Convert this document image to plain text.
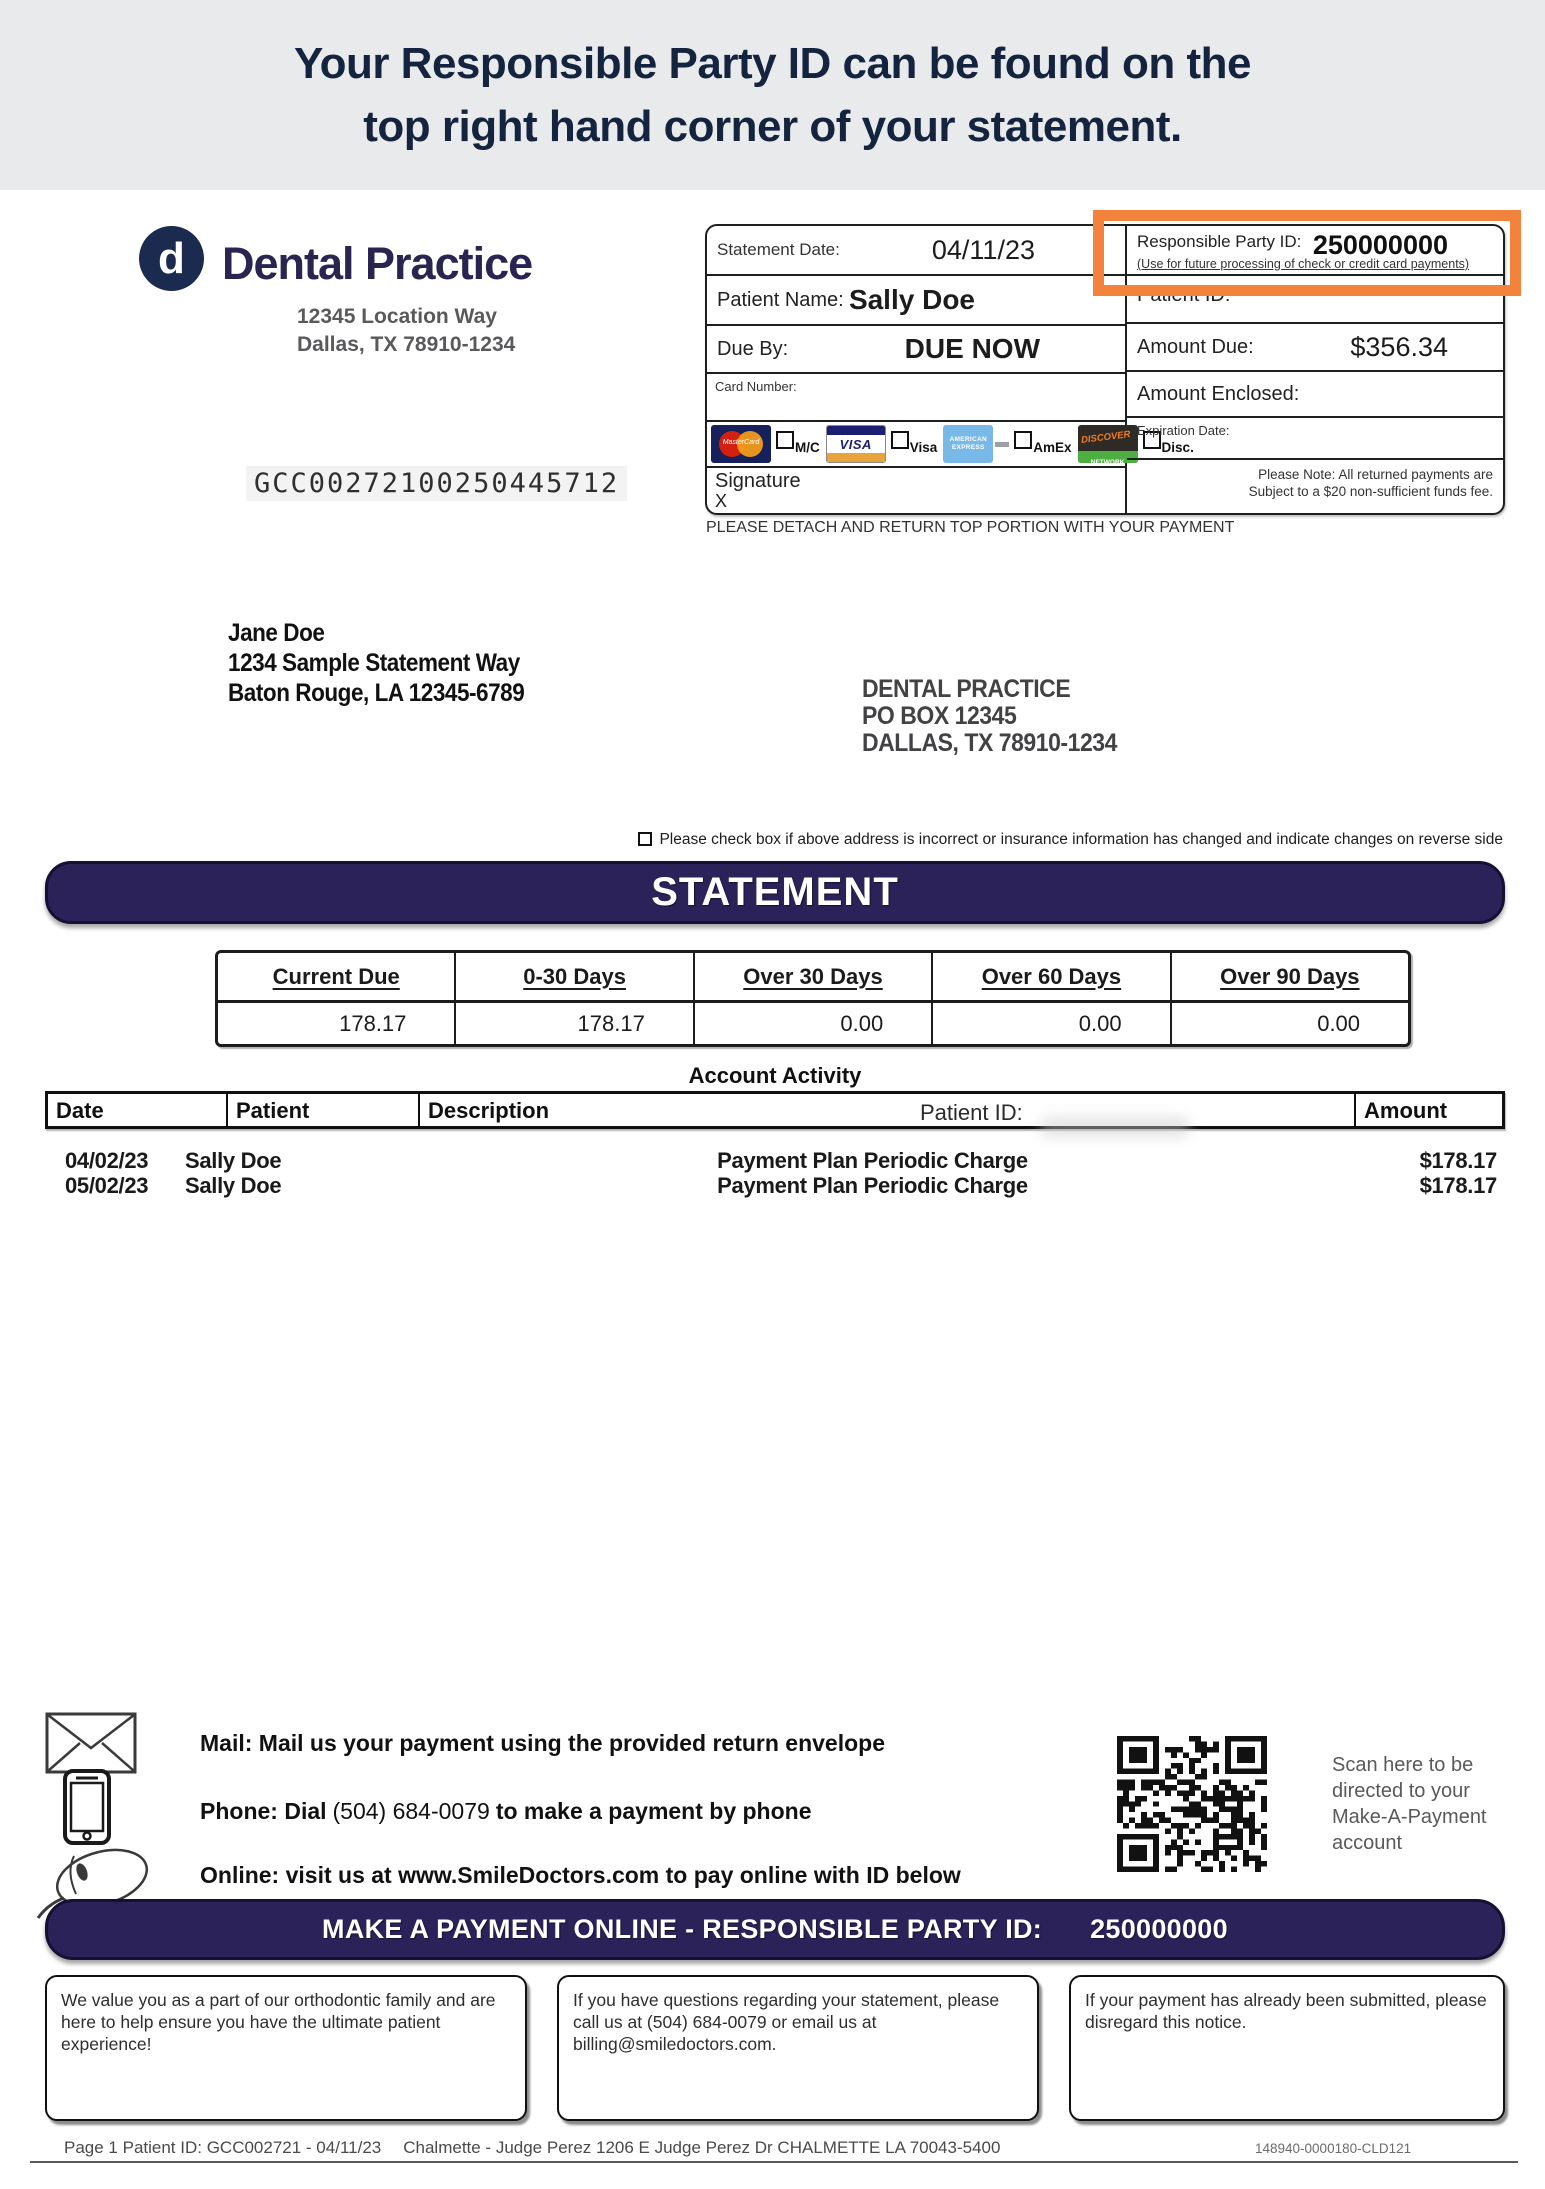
Your Responsible Party ID can be found on the
top right hand corner of your statement.
d Dental Practice
12345 Location Way
Dallas, TX 78910-1234
GCC00272100250445712
Statement Date:	04/11/23
Patient Name: Sally Doe
Due By:	DUE NOW
Card Number:
MasterCard	M/C	VISA	Visa AMERICAN
EXPRESS	AmEx
DISCOVER
NETWORK
Disc.
Signature
X
Responsible Party ID: 250000000
(Use for future processing of check or credit card payments)
Patient ID:
Amount Due:	$356.34
Amount Enclosed:
Expiration Date:
Please Note: All returned payments are
Subject to a $20 non-sufficient funds fee.
PLEASE DETACH AND RETURN TOP PORTION WITH YOUR PAYMENT
Jane Doe
1234 Sample Statement Way
Baton Rouge, LA 12345-6789	DENTAL PRACTICE
PO BOX 12345
DALLAS, TX 78910-1234
Please check box if above address is incorrect or insurance information has changed and indicate changes on reverse side
STATEMENT
Current Due	0-30 Days	Over 30 Days	Over 60 Days	Over 90 Days
178.17	178.17	0.00	0.00	0.00
Account Activity
Date	Patient	Description	Patient ID:	Amount
04/02/23	Sally Doe	Payment Plan Periodic Charge	$178.17
05/02/23	Sally Doe	Payment Plan Periodic Charge	$178.17
Mail: Mail us your payment using the provided return envelope
Phone: Dial (504) 684-0079 to make a payment by phone
Online: visit us at www.SmileDoctors.com to pay online with ID below
Scan here to be
directed to your
Make-A-Payment
account
MAKE A PAYMENT ONLINE - RESPONSIBLE PARTY ID: 250000000
We value you as a part of our orthodontic family and are here to help ensure you have the ultimate patient experience!
If you have questions regarding your statement, please call us at (504) 684-0079 or email us at billing@smiledoctors.com.
If your payment has already been submitted, please disregard this notice.
Page 1 Patient ID: GCC002721 - 04/11/23 Chalmette - Judge Perez 1206 E Judge Perez Dr CHALMETTE LA 70043-5400	148940-0000180-CLD121
